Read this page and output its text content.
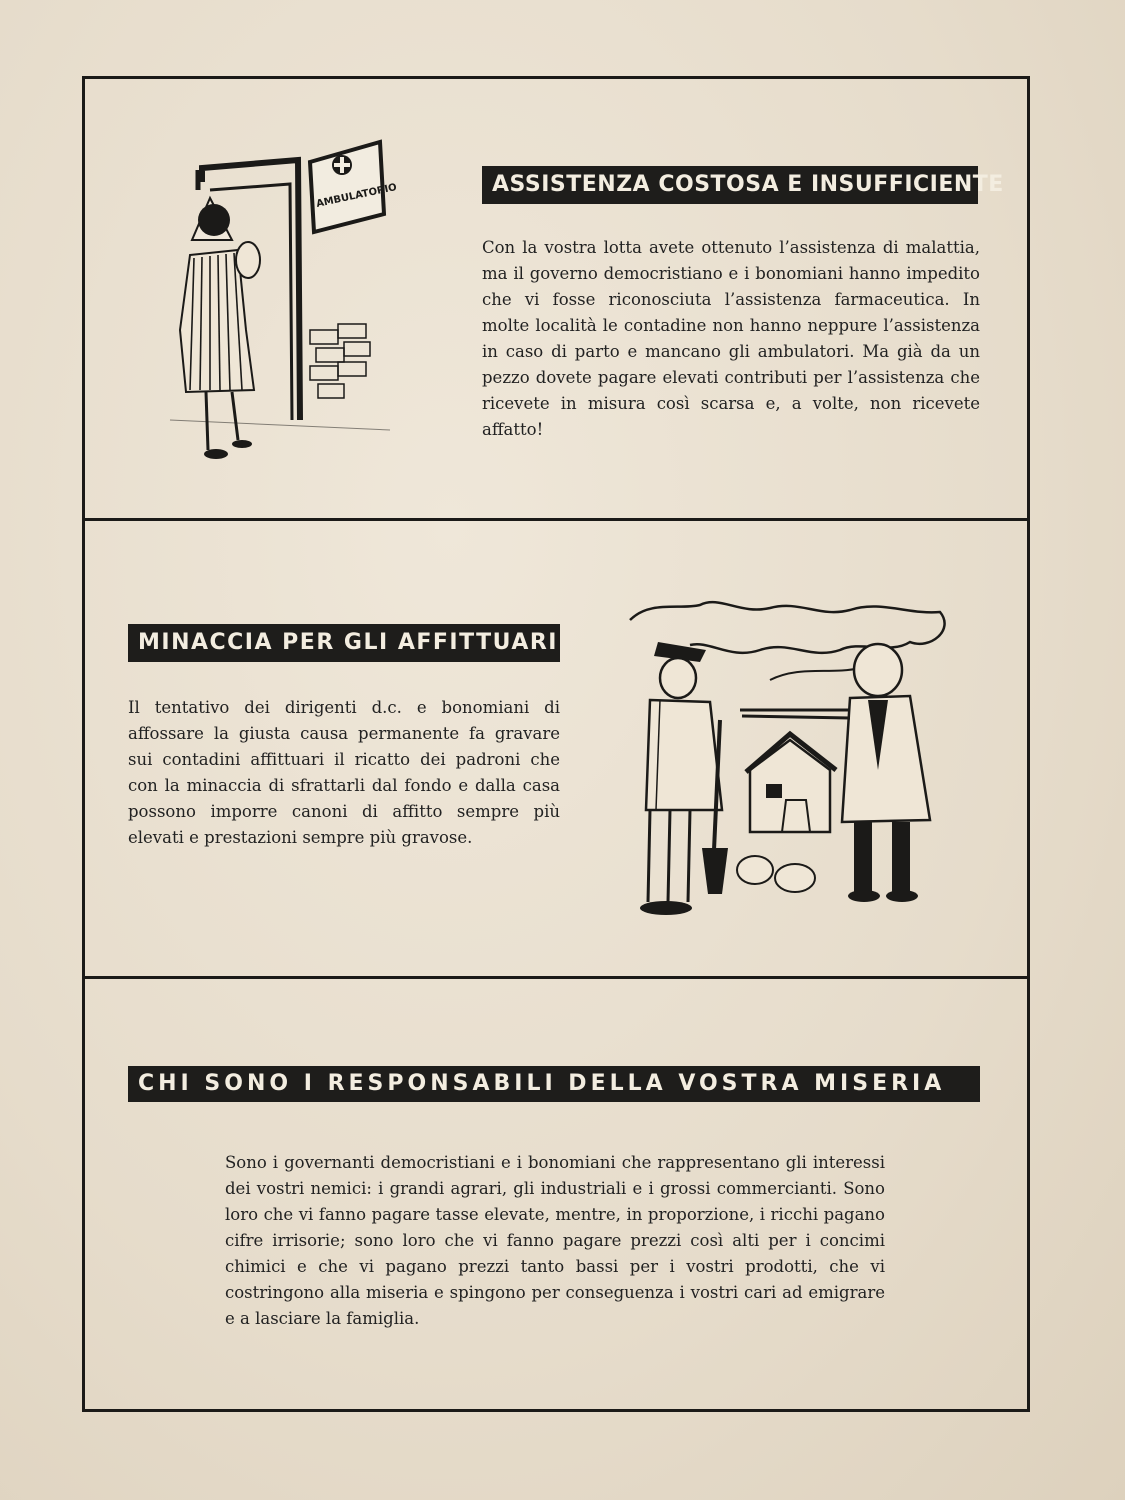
AMBULATORIO	ASSISTENZA COSTOSA E INSUFFICIENTE

Con la vostra lotta avete ottenuto l’assistenza di malattia, ma il governo democristiano e i bonomiani hanno impedito che vi fosse riconosciuta l’assistenza farmaceutica. In molte località le contadine non hanno neppure l’assistenza in caso di parto e mancano gli ambulatori. Ma già da un pezzo dovete pagare elevati contributi per l’assistenza che ricevete in misura così scarsa e, a volte, non ricevete affatto!

MINACCIA PER GLI AFFITTUARI

Il tentativo dei dirigenti d.c. e bonomiani di affossare la giusta causa permanente fa gravare sui contadini affittuari il ricatto dei padroni che con la minaccia di sfrattarli dal fondo e dalla casa possono imporre canoni di affitto sempre più elevati e prestazioni sempre più gravose.

CHI SONO I RESPONSABILI DELLA VOSTRA MISERIA

Sono i governanti democristiani e i bonomiani che rappresentano gli interessi dei vostri nemici: i grandi agrari, gli industriali e i grossi commercianti. Sono loro che vi fanno pagare tasse elevate, mentre, in proporzione, i ricchi pagano cifre irrisorie; sono loro che vi fanno pagare prezzi così alti per i concimi chimici e che vi pagano prezzi tanto bassi per i vostri prodotti, che vi costringono alla miseria e spingono per conseguenza i vostri cari ad emigrare e a lasciare la famiglia.
